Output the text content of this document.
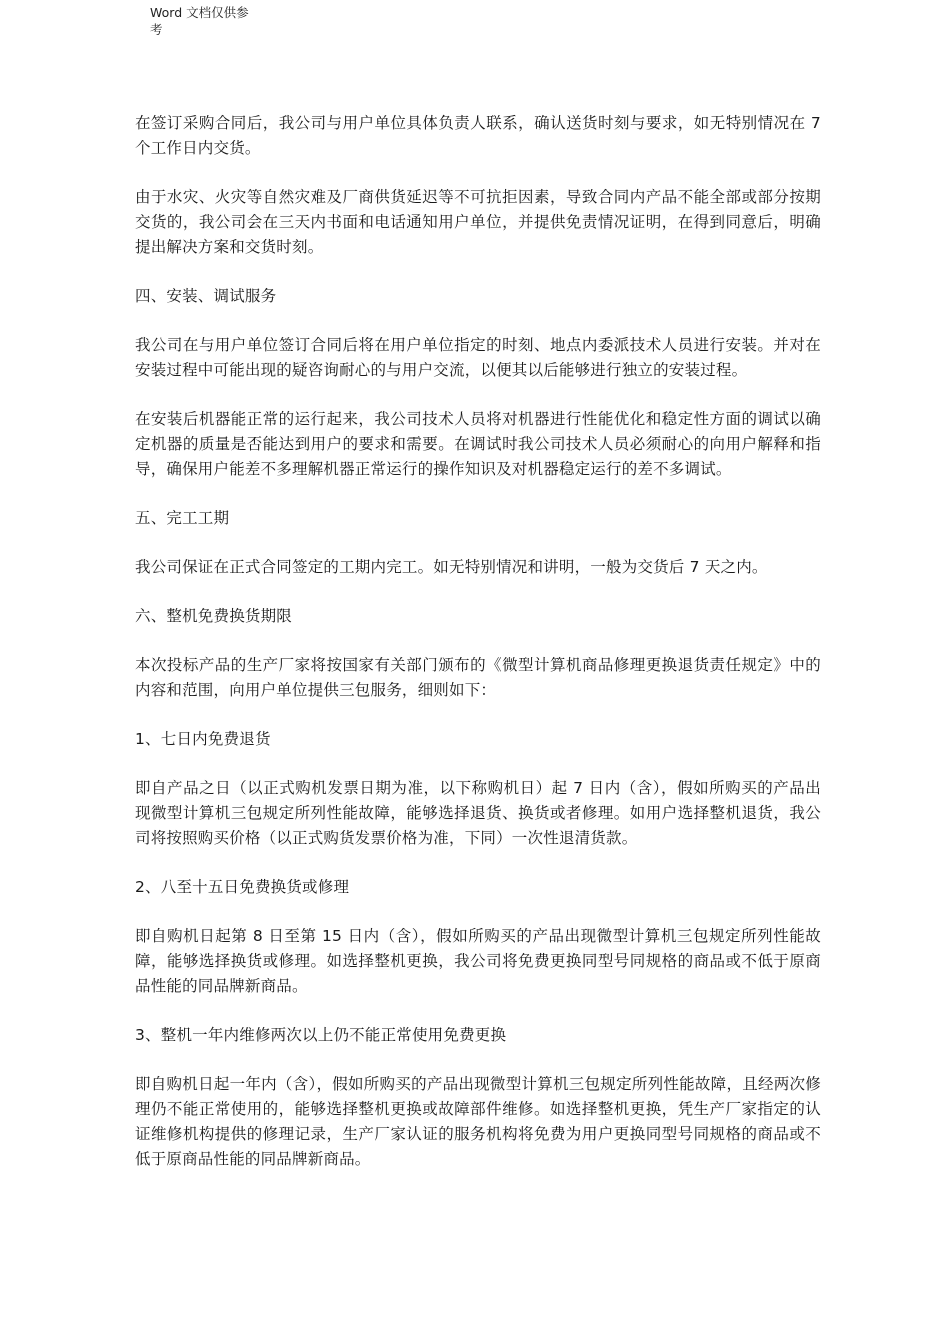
Word 文档仅供参
考

在签订采购合同后，我公司与用户单位具体负责人联系，确认送货时刻与要求，如无特别情况在 7 个工作日内交货。

由于水灾、火灾等自然灾难及厂商供货延迟等不可抗拒因素，导致合同内产品不能全部或部分按期交货的，我公司会在三天内书面和电话通知用户单位，并提供免责情况证明，在得到同意后，明确提出解决方案和交货时刻。

四、安装、调试服务

我公司在与用户单位签订合同后将在用户单位指定的时刻、地点内委派技术人员进行安装。并对在安装过程中可能出现的疑咨询耐心的与用户交流，以便其以后能够进行独立的安装过程。

在安装后机器能正常的运行起来，我公司技术人员将对机器进行性能优化和稳定性方面的调试以确定机器的质量是否能达到用户的要求和需要。在调试时我公司技术人员必须耐心的向用户解释和指导，确保用户能差不多理解机器正常运行的操作知识及对机器稳定运行的差不多调试。

五、完工工期

我公司保证在正式合同签定的工期内完工。如无特别情况和讲明，一般为交货后 7 天之内。

六、整机免费换货期限

本次投标产品的生产厂家将按国家有关部门颁布的《微型计算机商品修理更换退货责任规定》中的内容和范围，向用户单位提供三包服务，细则如下：

1、七日内免费退货

即自产品之日（以正式购机发票日期为准，以下称购机日）起 7 日内（含），假如所购买的产品出现微型计算机三包规定所列性能故障，能够选择退货、换货或者修理。如用户选择整机退货，我公司将按照购买价格（以正式购货发票价格为准，下同）一次性退清货款。

2、八至十五日免费换货或修理

即自购机日起第 8 日至第 15 日内（含），假如所购买的产品出现微型计算机三包规定所列性能故障，能够选择换货或修理。如选择整机更换，我公司将免费更换同型号同规格的商品或不低于原商品性能的同品牌新商品。

3、整机一年内维修两次以上仍不能正常使用免费更换

即自购机日起一年内（含），假如所购买的产品出现微型计算机三包规定所列性能故障，且经两次修理仍不能正常使用的，能够选择整机更换或故障部件维修。如选择整机更换，凭生产厂家指定的认证维修机构提供的修理记录，生产厂家认证的服务机构将免费为用户更换同型号同规格的商品或不低于原商品性能的同品牌新商品。
